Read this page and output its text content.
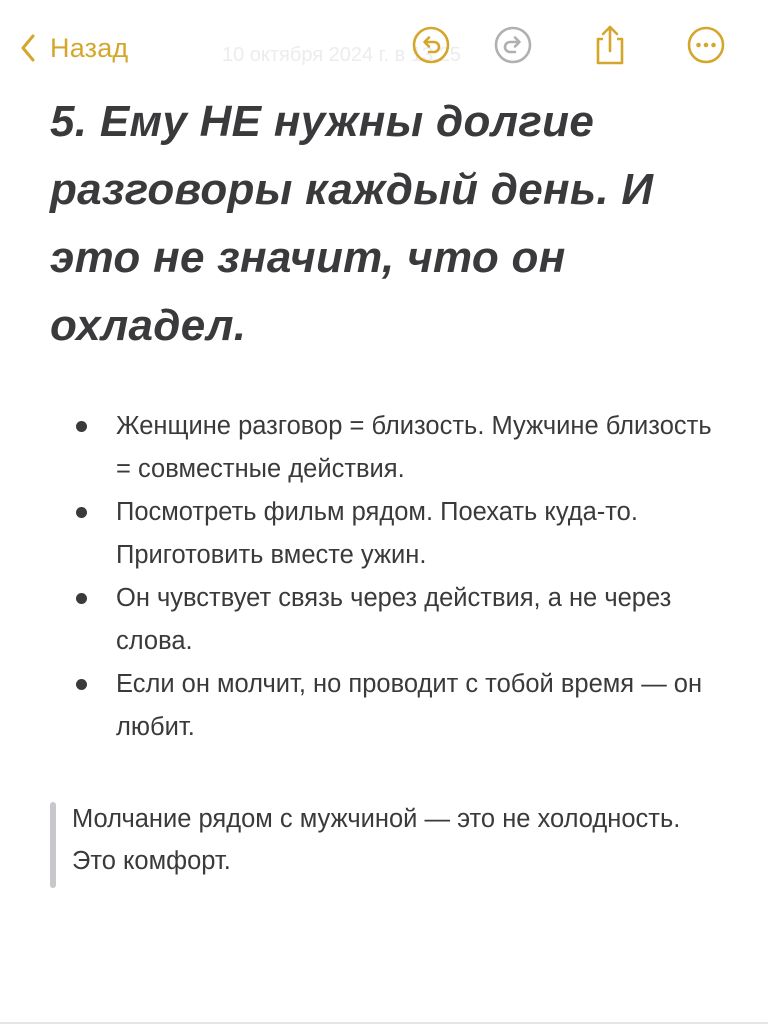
Назад	10 октября 2024 г. в 13:25
5. Ему НЕ нужны долгие разговоры каждый день. И это не значит, что он охладел.
Женщине разговор = близость. Мужчине близость = совместные действия.
Посмотреть фильм рядом. Поехать куда-то. Приготовить вместе ужин.
Он чувствует связь через действия, а не через слова.
Если он молчит, но проводит с тобой время — он любит.
Молчание рядом с мужчиной — это не холодность. Это комфорт.
